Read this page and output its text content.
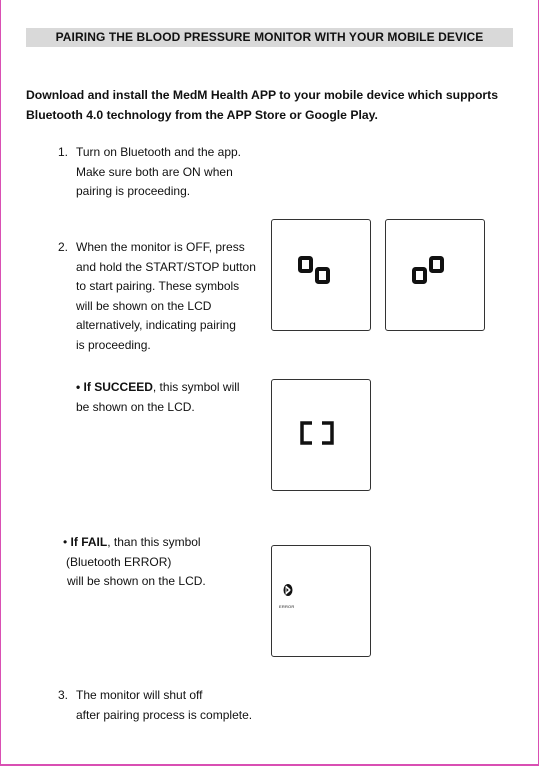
PAIRING THE BLOOD PRESSURE MONITOR WITH YOUR MOBILE DEVICE
Download and install the MedM Health APP to your mobile device which supports Bluetooth 4.0 technology from the APP Store or Google Play.
1. Turn on Bluetooth and the app.
Make sure both are ON when
pairing is proceeding.
2. When the monitor is OFF, press
and hold the START/STOP button
to start pairing. These symbols
will be shown on the LCD
alternatively, indicating pairing
is proceeding.
• If SUCCEED, this symbol will
be shown on the LCD.
• If FAIL, than this symbol
(Bluetooth ERROR)
will be shown on the LCD.
ERROR
3. The monitor will shut off
after pairing process is complete.
